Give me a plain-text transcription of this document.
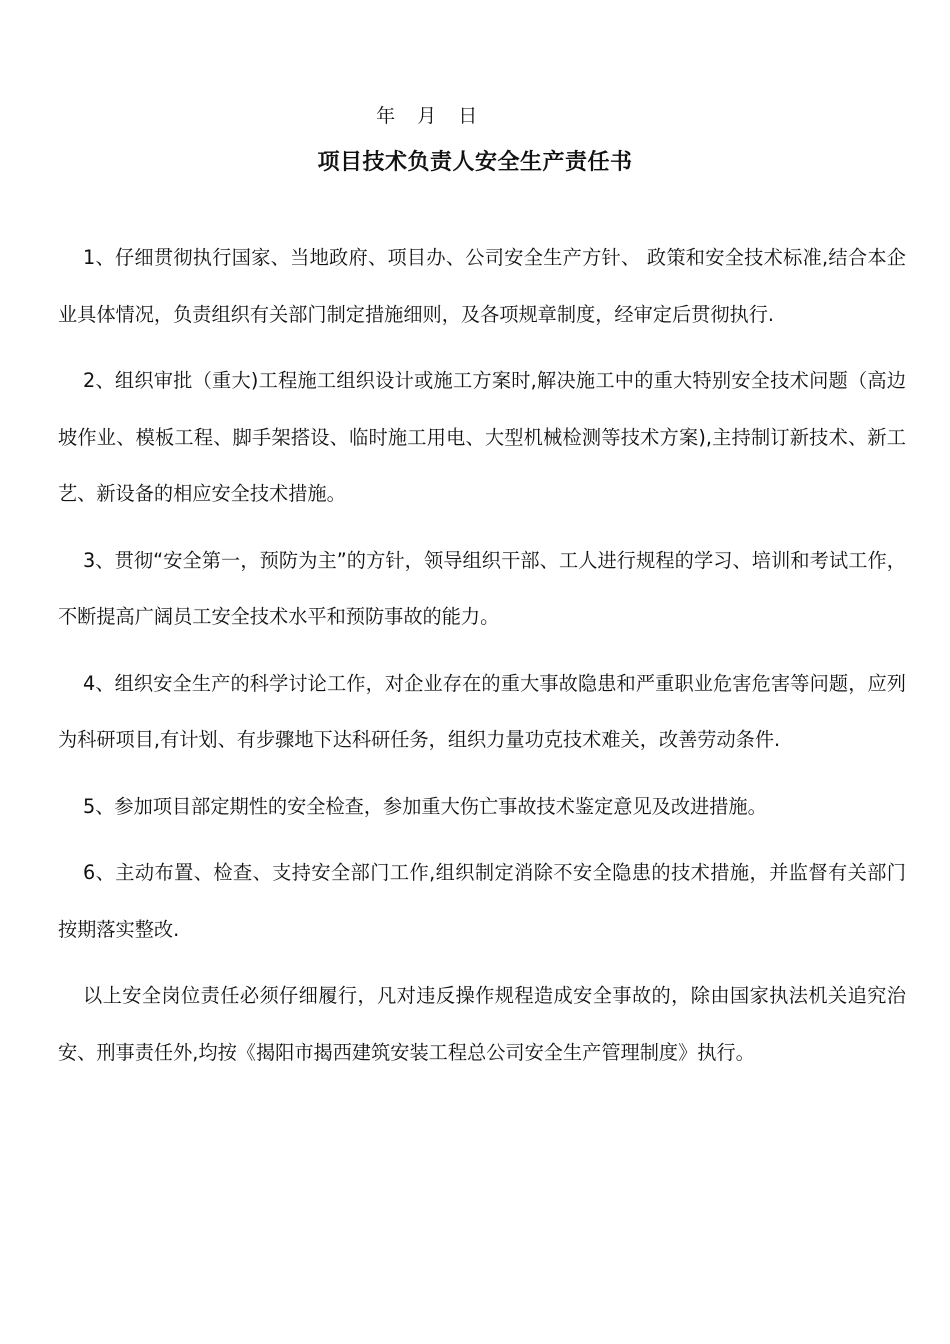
年 月 日

项目技术负责人安全生产责任书

1、仔细贯彻执行国家、当地政府、项目办、公司安全生产方针、 政策和安全技术标准,结合本企业具体情况，负责组织有关部门制定措施细则，及各项规章制度，经审定后贯彻执行.

2、组织审批（重大)工程施工组织设计或施工方案时,解决施工中的重大特别安全技术问题（高边坡作业、模板工程、脚手架搭设、临时施工用电、大型机械检测等技术方案),主持制订新技术、新工艺、新设备的相应安全技术措施。

3、贯彻“安全第一，预防为主”的方针，领导组织干部、工人进行规程的学习、培训和考试工作，不断提高广阔员工安全技术水平和预防事故的能力。

4、组织安全生产的科学讨论工作，对企业存在的重大事故隐患和严重职业危害危害等问题，应列为科研项目,有计划、有步骤地下达科研任务，组织力量功克技术难关，改善劳动条件.

5、参加项目部定期性的安全检查，参加重大伤亡事故技术鉴定意见及改进措施。

6、主动布置、检查、支持安全部门工作,组织制定消除不安全隐患的技术措施，并监督有关部门按期落实整改.

以上安全岗位责任必须仔细履行，凡对违反操作规程造成安全事故的，除由国家执法机关追究治安、刑事责任外,均按《揭阳市揭西建筑安装工程总公司安全生产管理制度》执行。
